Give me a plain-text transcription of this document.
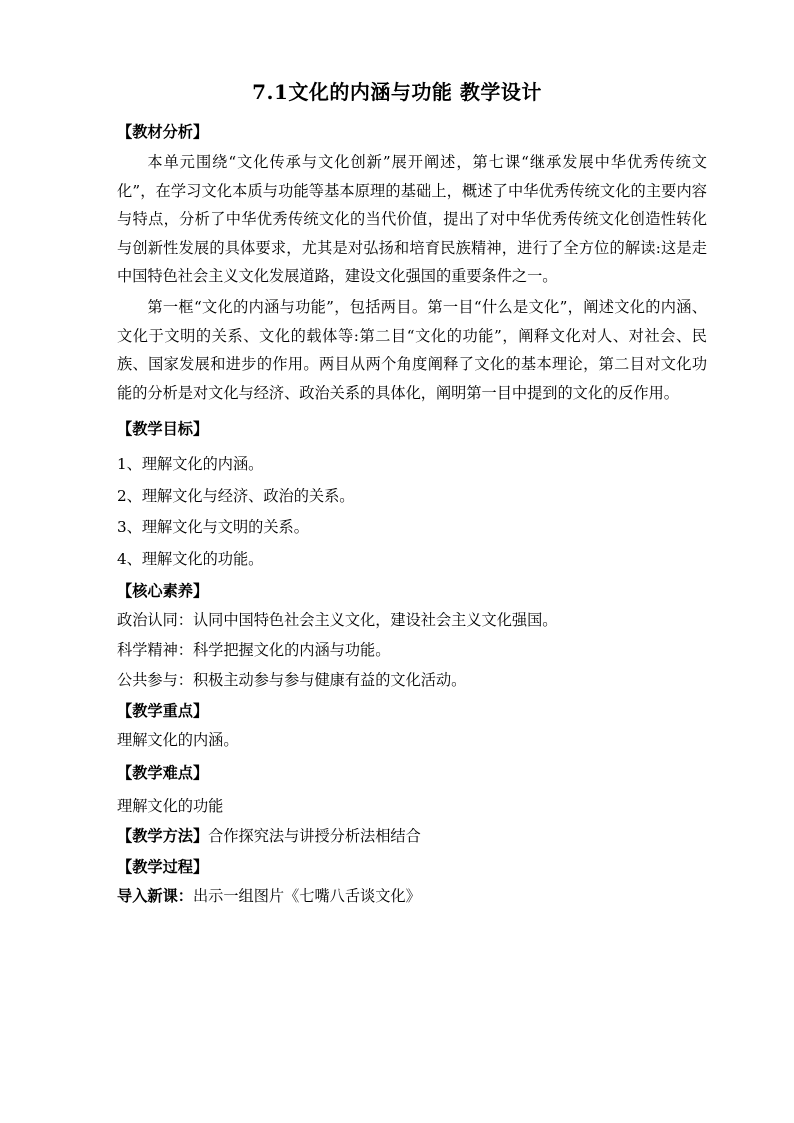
7.1文化的内涵与功能 教学设计

【教材分析】

本单元围绕“文化传承与文化创新”展开阐述，第七课“继承发展中华优秀传统文化”，在学习文化本质与功能等基本原理的基础上，概述了中华优秀传统文化的主要内容与特点，分析了中华优秀传统文化的当代价值，提出了对中华优秀传统文化创造性转化与创新性发展的具体要求，尤其是对弘扬和培育民族精神，进行了全方位的解读:这是走中国特色社会主义文化发展道路，建设文化强国的重要条件之一。

第一框“文化的内涵与功能”，包括两目。第一目“什么是文化”，阐述文化的内涵、文化于文明的关系、文化的载体等:第二目“文化的功能”，阐释文化对人、对社会、民族、国家发展和进步的作用。两目从两个角度阐释了文化的基本理论，第二目对文化功能的分析是对文化与经济、政治关系的具体化，阐明第一目中提到的文化的反作用。

【教学目标】

1、理解文化的内涵。

2、理解文化与经济、政治的关系。

3、理解文化与文明的关系。

4、理解文化的功能。

【核心素养】

政治认同：认同中国特色社会主义文化，建设社会主义文化强国。

科学精神：科学把握文化的内涵与功能。

公共参与：积极主动参与参与健康有益的文化活动。

【教学重点】

理解文化的内涵。

【教学难点】

理解文化的功能

【教学方法】合作探究法与讲授分析法相结合

【教学过程】

导入新课：出示一组图片《七嘴八舌谈文化》
